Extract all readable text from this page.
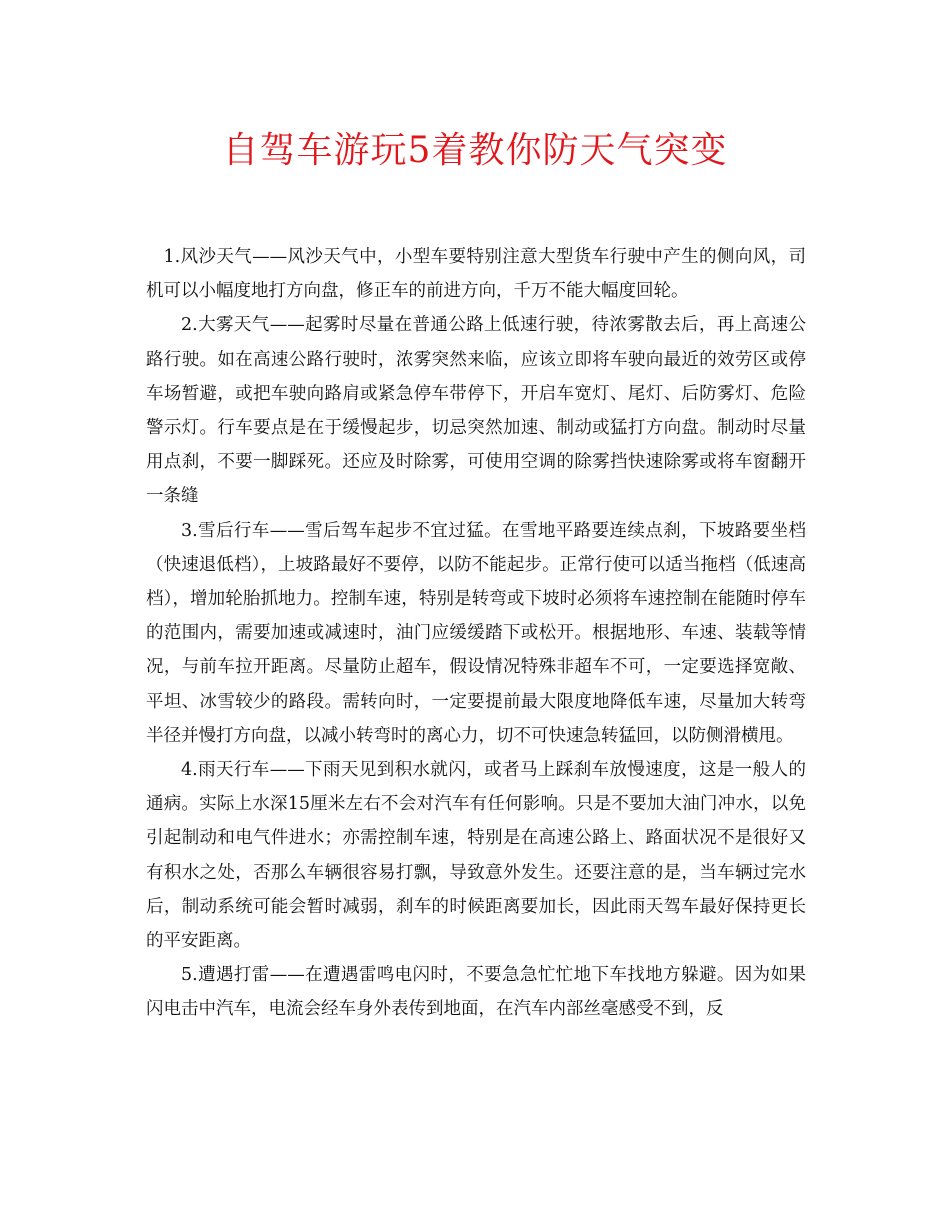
自驾车游玩5着教你防天气突变

1.风沙天气——风沙天气中，小型车要特别注意大型货车行驶中产生的侧向风，司机可以小幅度地打方向盘，修正车的前进方向，千万不能大幅度回轮。

2.大雾天气——起雾时尽量在普通公路上低速行驶，待浓雾散去后，再上高速公路行驶。如在高速公路行驶时，浓雾突然来临，应该立即将车驶向最近的效劳区或停车场暂避，或把车驶向路肩或紧急停车带停下，开启车宽灯、尾灯、后防雾灯、危险警示灯。行车要点是在于缓慢起步，切忌突然加速、制动或猛打方向盘。制动时尽量用点刹，不要一脚踩死。还应及时除雾，可使用空调的除雾挡快速除雾或将车窗翻开一条缝

3.雪后行车——雪后驾车起步不宜过猛。在雪地平路要连续点刹，下坡路要坐档（快速退低档），上坡路最好不要停，以防不能起步。正常行使可以适当拖档（低速高档），增加轮胎抓地力。控制车速，特别是转弯或下坡时必须将车速控制在能随时停车的范围内，需要加速或减速时，油门应缓缓踏下或松开。根据地形、车速、装载等情况，与前车拉开距离。尽量防止超车，假设情况特殊非超车不可，一定要选择宽敞、平坦、冰雪较少的路段。需转向时，一定要提前最大限度地降低车速，尽量加大转弯半径并慢打方向盘，以减小转弯时的离心力，切不可快速急转猛回，以防侧滑横甩。

4.雨天行车——下雨天见到积水就闪，或者马上踩刹车放慢速度，这是一般人的通病。实际上水深15厘米左右不会对汽车有任何影响。只是不要加大油门冲水，以免引起制动和电气件进水；亦需控制车速，特别是在高速公路上、路面状况不是很好又有积水之处，否那么车辆很容易打飘，导致意外发生。还要注意的是，当车辆过完水后，制动系统可能会暂时减弱，刹车的时候距离要加长，因此雨天驾车最好保持更长的平安距离。

5.遭遇打雷——在遭遇雷鸣电闪时，不要急急忙忙地下车找地方躲避。因为如果闪电击中汽车，电流会经车身外表传到地面，在汽车内部丝毫感受不到，反
